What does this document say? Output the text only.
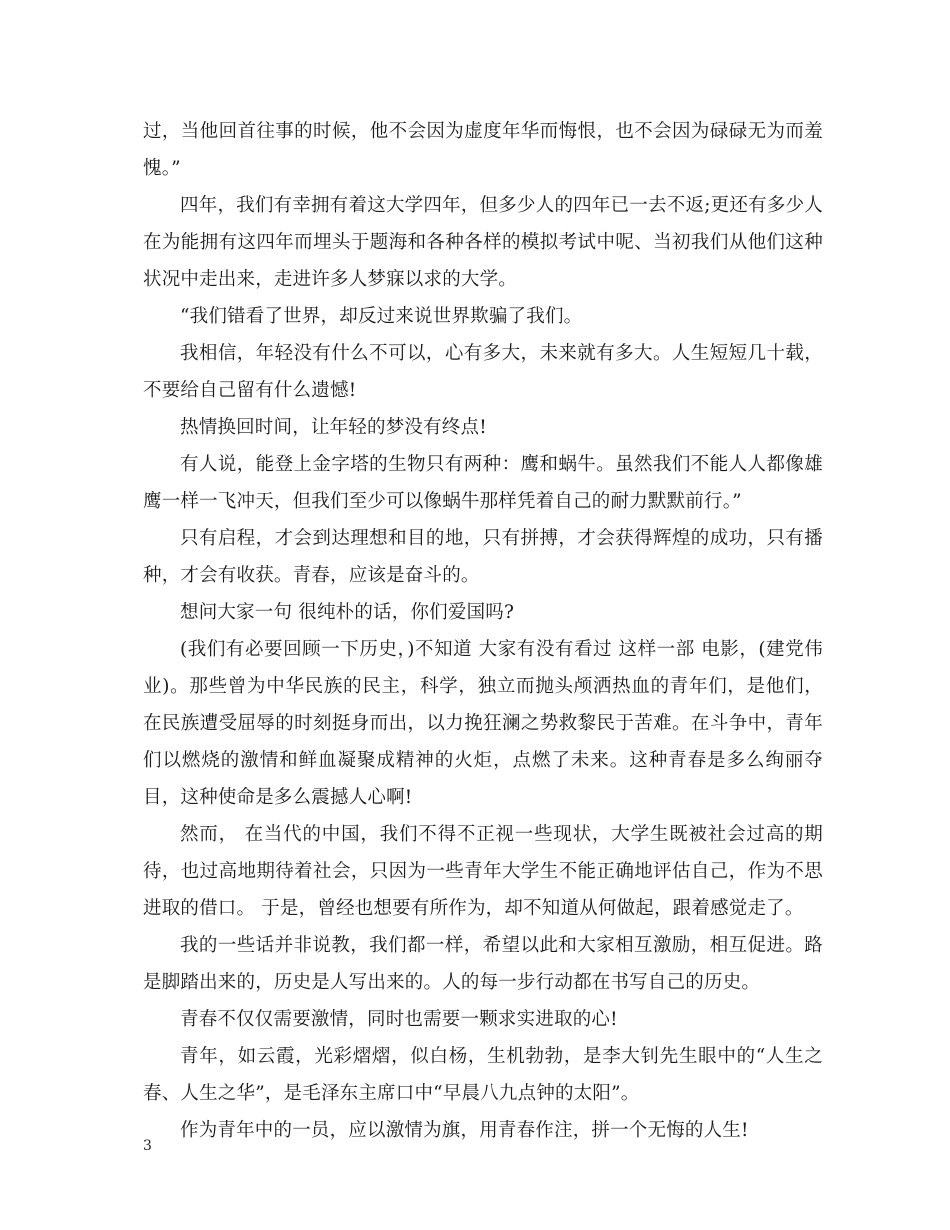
过，当他回首往事的时候，他不会因为虚度年华而悔恨，也不会因为碌碌无为而羞愧。”

四年，我们有幸拥有着这大学四年，但多少人的四年已一去不返;更还有多少人在为能拥有这四年而埋头于题海和各种各样的模拟考试中呢、当初我们从他们这种状况中走出来，走进许多人梦寐以求的大学。

“我们错看了世界，却反过来说世界欺骗了我们。

我相信，年轻没有什么不可以，心有多大，未来就有多大。人生短短几十载，不要给自己留有什么遗憾!

热情换回时间，让年轻的梦没有终点!

有人说，能登上金字塔的生物只有两种：鹰和蜗牛。虽然我们不能人人都像雄鹰一样一飞冲天，但我们至少可以像蜗牛那样凭着自己的耐力默默前行。”

只有启程，才会到达理想和目的地，只有拼搏，才会获得辉煌的成功，只有播种，才会有收获。青春，应该是奋斗的。

想问大家一句 很纯朴的话，你们爱国吗?

(我们有必要回顾一下历史，)不知道 大家有没有看过 这样一部 电影，(建党伟业)。那些曾为中华民族的民主，科学，独立而抛头颅洒热血的青年们，是他们，在民族遭受屈辱的时刻挺身而出，以力挽狂澜之势救黎民于苦难。在斗争中，青年们以燃烧的激情和鲜血凝聚成精神的火炬，点燃了未来。这种青春是多么绚丽夺目，这种使命是多么震撼人心啊!

然而， 在当代的中国，我们不得不正视一些现状，大学生既被社会过高的期待，也过高地期待着社会，只因为一些青年大学生不能正确地评估自己，作为不思进取的借口。 于是，曾经也想要有所作为，却不知道从何做起，跟着感觉走了。

我的一些话并非说教，我们都一样，希望以此和大家相互激励，相互促进。路是脚踏出来的，历史是人写出来的。人的每一步行动都在书写自己的历史。

青春不仅仅需要激情，同时也需要一颗求实进取的心!

青年，如云霞，光彩熠熠，似白杨，生机勃勃，是李大钊先生眼中的“人生之春、人生之华”，是毛泽东主席口中“早晨八九点钟的太阳”。

作为青年中的一员，应以激情为旗，用青春作注，拼一个无悔的人生!

3
